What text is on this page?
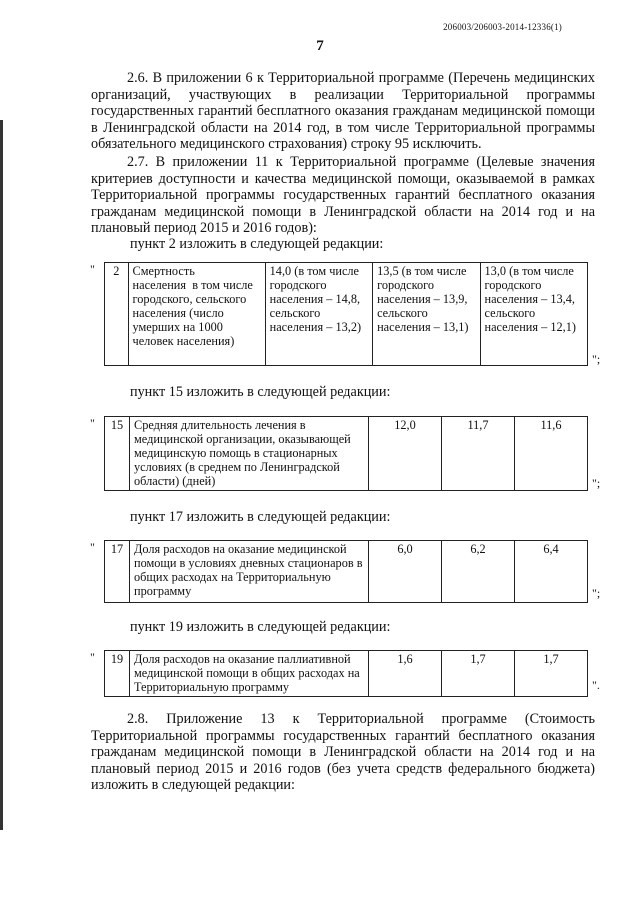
206003/206003-2014-12336(1)
7
2.6. В приложении 6 к Территориальной программе (Перечень медицинских организаций, участвующих в реализации Территориальной программы государственных гарантий бесплатного оказания гражданам медицинской помощи в Ленинградской области на 2014 год, в том числе Территориальной программы обязательного медицинского страхования) строку 95 исключить.
2.7. В приложении 11 к Территориальной программе (Целевые значения критериев доступности и качества медицинской помощи, оказываемой в рамках Территориальной программы государственных гарантий бесплатного оказания гражданам медицинской помощи в Ленинградской области на 2014 год и на плановый период 2015 и 2016 годов):
пункт 2 изложить в следующей редакции:
" 2	Смертность населения  в том числе городского, сельского населения (число умерших на 1000 человек населения)	14,0 (в том числе городского населения – 14,8, сельского населения – 13,2)	13,5 (в том числе городского населения – 13,9, сельского населения – 13,1)	13,0 (в том числе городского населения – 13,4, сельского населения – 12,1)
";
пункт 15 изложить в следующей редакции:
" 15	Средняя длительность лечения в медицинской организации, оказывающей медицинскую помощь в стационарных условиях (в среднем по Ленинградской области) (дней)	12,0	11,7	11,6
";
пункт 17 изложить в следующей редакции:
" 17	Доля расходов на оказание медицинской помощи в условиях дневных стационаров в общих расходах на Территориальную программу	6,0	6,2	6,4
";
пункт 19 изложить в следующей редакции:
" 19	Доля расходов на оказание паллиативной медицинской помощи в общих расходах на Территориальную программу	1,6	1,7	1,7
".
2.8. Приложение 13 к Территориальной программе (Стоимость Территориальной программы государственных гарантий бесплатного оказания гражданам медицинской помощи в Ленинградской области на 2014 год и на плановый период 2015 и 2016 годов (без учета средств федерального бюджета) изложить в следующей редакции:
